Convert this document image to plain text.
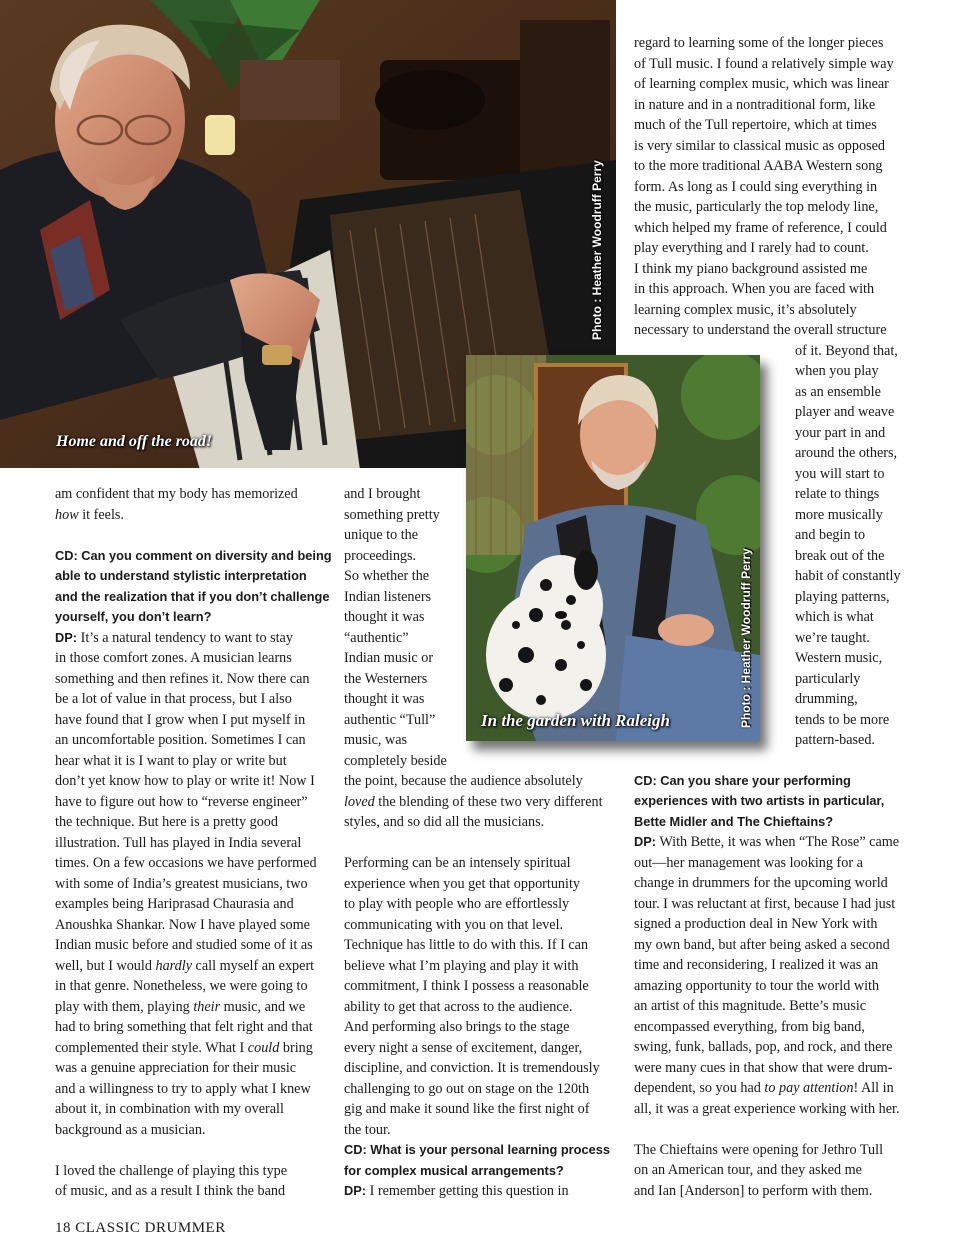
Home and off the road!
Photo : Heather Woodruff Perry
In the garden with Raleigh	Photo : Heather Woodruff Perry

am confident that my body has memorized
how it feels.

CD: Can you comment on diversity and being
able to understand stylistic interpretation
and the realization that if you don’t challenge
yourself, you don’t learn?

DP: It’s a natural tendency to want to stay
in those comfort zones. A musician learns
something and then refines it. Now there can
be a lot of value in that process, but I also
have found that I grow when I put myself in
an uncomfortable position. Sometimes I can
hear what it is I want to play or write but
don’t yet know how to play or write it! Now I
have to figure out how to “reverse engineer”
the technique. But here is a pretty good
illustration. Tull has played in India several
times. On a few occasions we have performed
with some of India’s greatest musicians, two
examples being Hariprasad Chaurasia and
Anoushka Shankar. Now I have played some
Indian music before and studied some of it as
well, but I would hardly call myself an expert
in that genre. Nonetheless, we were going to
play with them, playing their music, and we
had to bring something that felt right and that
complemented their style. What I could bring
was a genuine appreciation for their music
and a willingness to try to apply what I knew
about it, in combination with my overall
background as a musician.

I loved the challenge of playing this type
of music, and as a result I think the band

and I brought
something pretty
unique to the
proceedings.
So whether the
Indian listeners
thought it was
“authentic”
Indian music or
the Westerners
thought it was
authentic “Tull”
music, was
completely beside
the point, because the audience absolutely
loved the blending of these two very different
styles, and so did all the musicians.

Performing can be an intensely spiritual
experience when you get that opportunity
to play with people who are effortlessly
communicating with you on that level.
Technique has little to do with this. If I can
believe what I’m playing and play it with
commitment, I think I possess a reasonable
ability to get that across to the audience.
And performing also brings to the stage
every night a sense of excitement, danger,
discipline, and conviction. It is tremendously
challenging to go out on stage on the 120th
gig and make it sound like the first night of
the tour.

CD: What is your personal learning process
for complex musical arrangements?

DP: I remember getting this question in

regard to learning some of the longer pieces
of Tull music. I found a relatively simple way
of learning complex music, which was linear
in nature and in a nontraditional form, like
much of the Tull repertoire, which at times
is very similar to classical music as opposed
to the more traditional AABA Western song
form. As long as I could sing everything in
the music, particularly the top melody line,
which helped my frame of reference, I could
play everything and I rarely had to count.
I think my piano background assisted me
in this approach. When you are faced with
learning complex music, it’s absolutely
necessary to understand the overall structure

of it. Beyond that,
when you play
as an ensemble
player and weave
your part in and
around the others,
you will start to
relate to things
more musically
and begin to
break out of the
habit of constantly
playing patterns,
which is what
we’re taught.
Western music,
particularly
drumming,
tends to be more
pattern-based.

CD: Can you share your performing
experiences with two artists in particular,
Bette Midler and The Chieftains?

DP: With Bette, it was when “The Rose” came
out—her management was looking for a
change in drummers for the upcoming world
tour. I was reluctant at first, because I had just
signed a production deal in New York with
my own band, but after being asked a second
time and reconsidering, I realized it was an
amazing opportunity to tour the world with
an artist of this magnitude. Bette’s music
encompassed everything, from big band,
swing, funk, ballads, pop, and rock, and there
were many cues in that show that were drum-
dependent, so you had to pay attention! All in
all, it was a great experience working with her.

The Chieftains were opening for Jethro Tull
on an American tour, and they asked me
and Ian [Anderson] to perform with them.

18 CLASSIC DRUMMER
